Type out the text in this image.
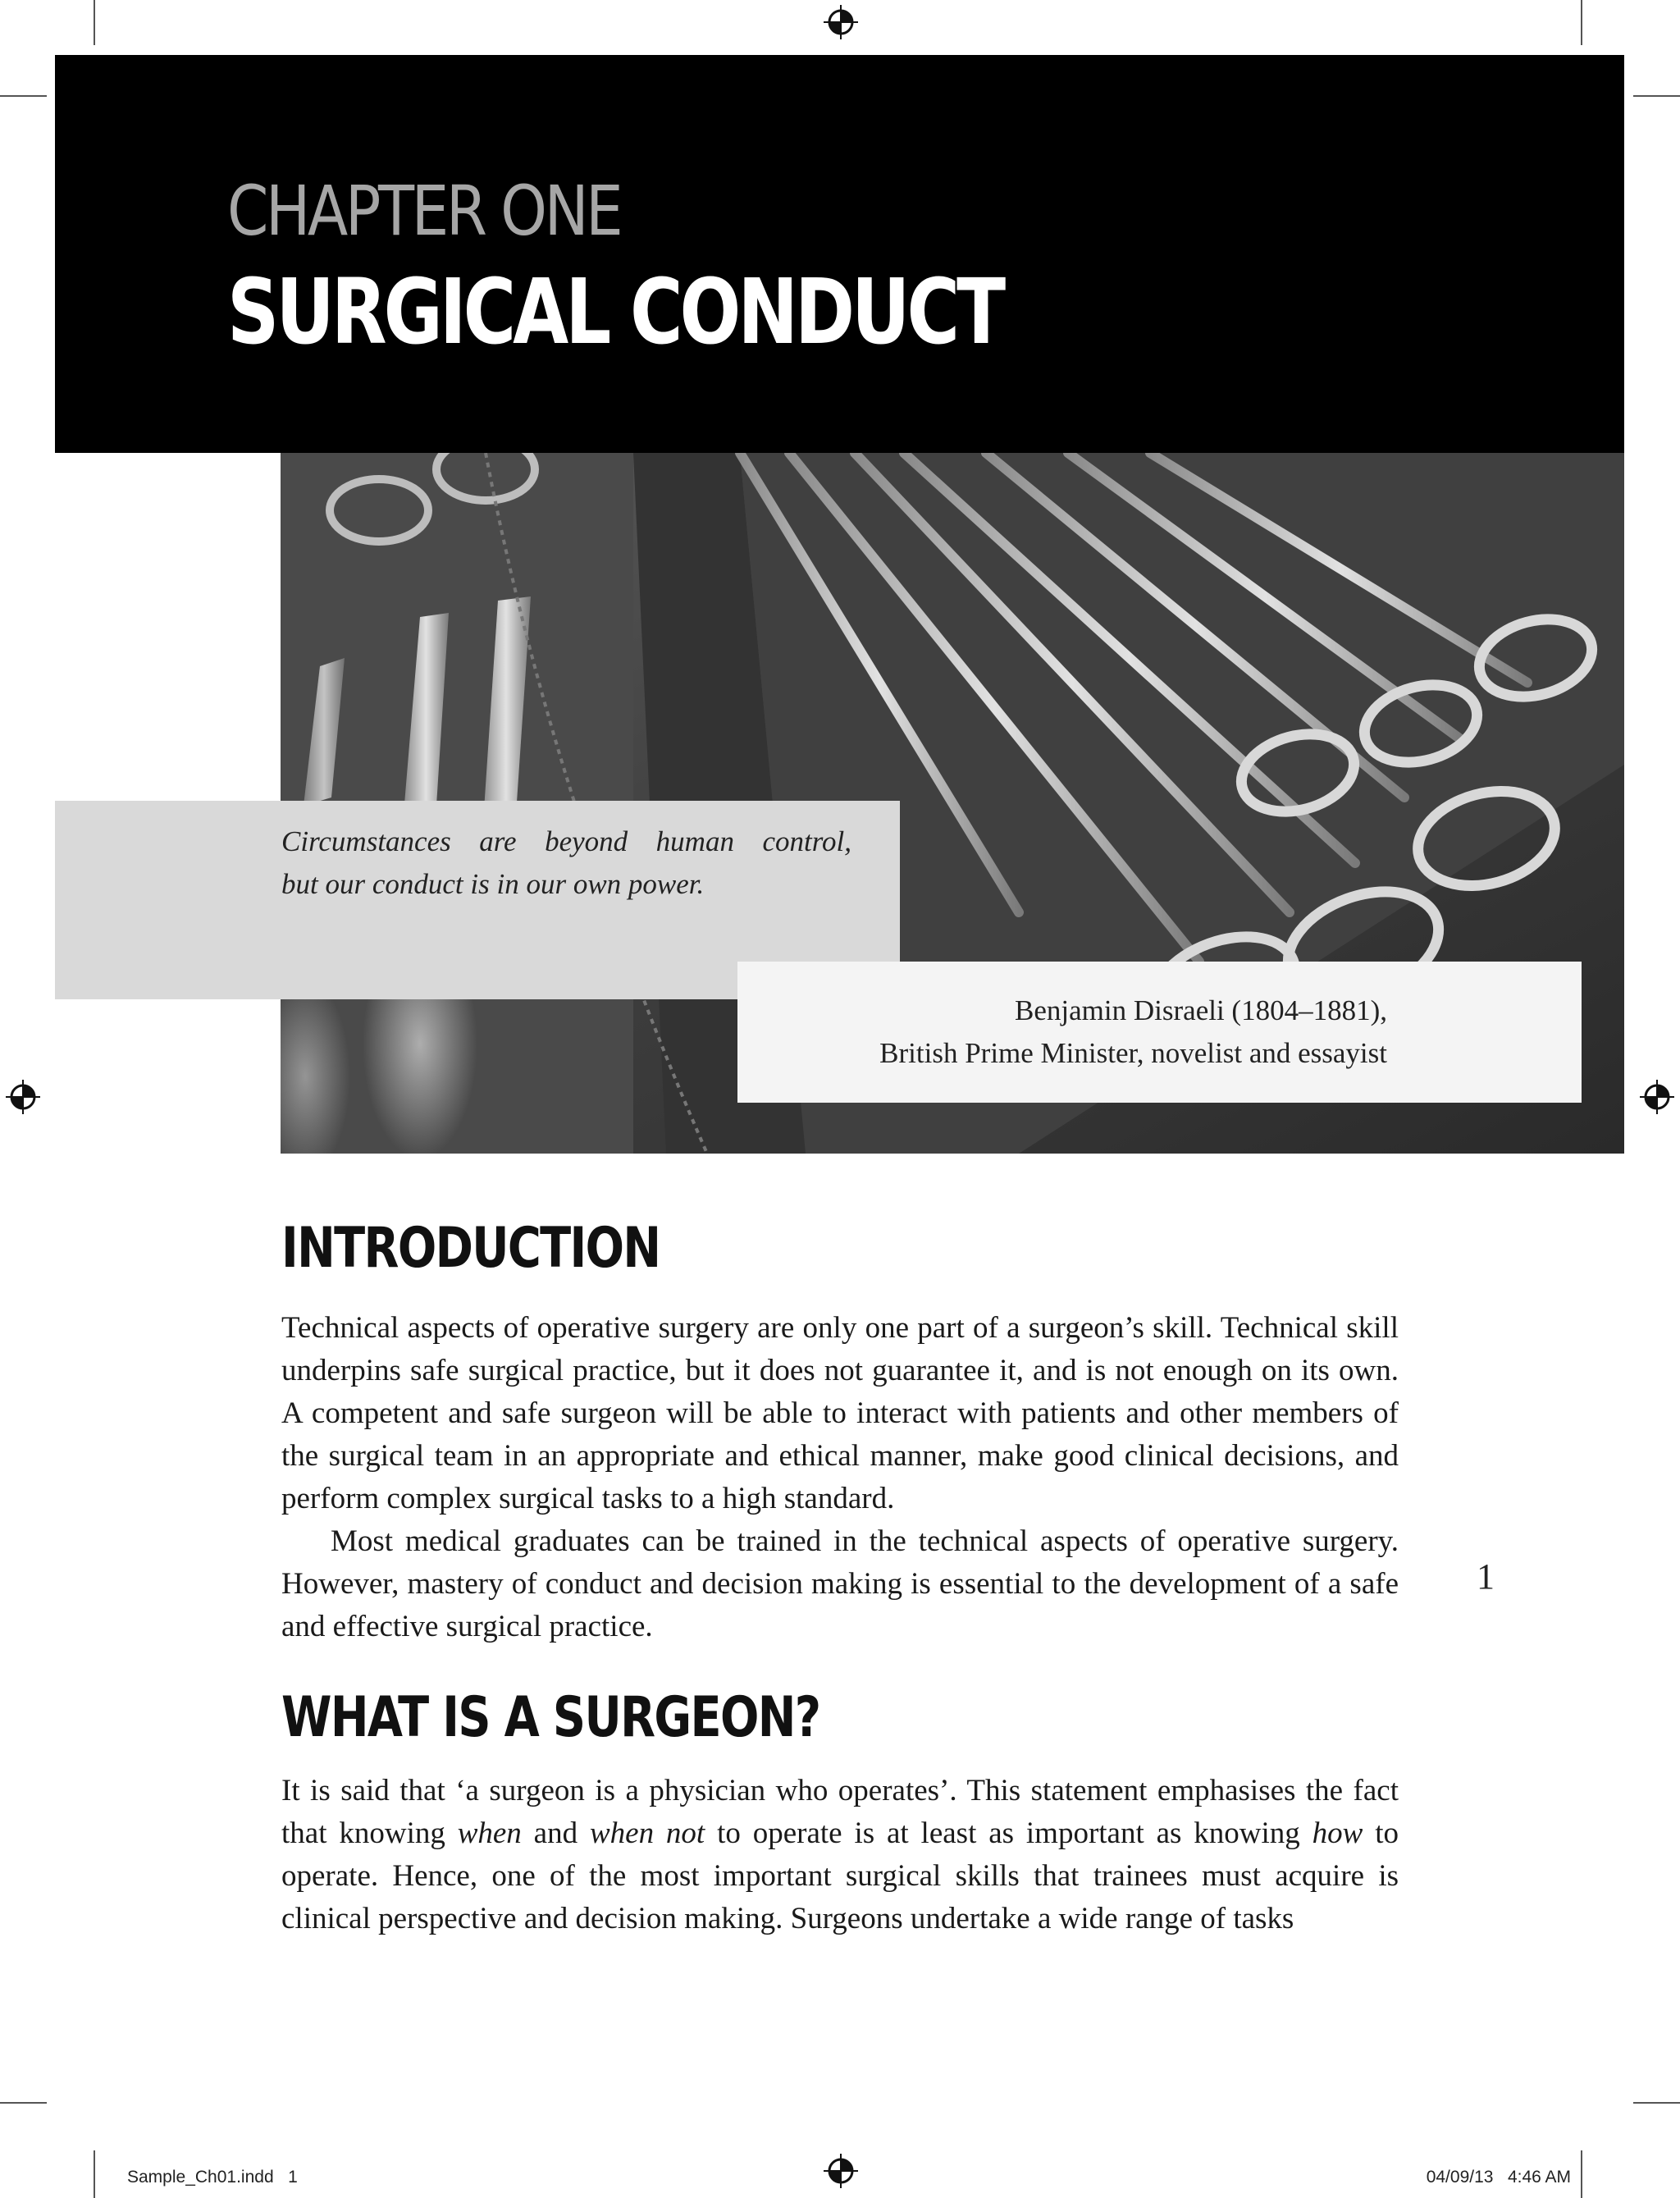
CHAPTER ONE
SURGICAL CONDUCT
Circumstances are beyond human control,
but our conduct is in our own power.
Benjamin Disraeli (1804–1881),
British Prime Minister, novelist and essayist
INTRODUCTION

Technical aspects of operative surgery are only one part of a surgeon’s skill. Technical skill underpins safe surgical practice, but it does not guarantee it, and is not enough on its own. A competent and safe surgeon will be able to interact with patients and other members of the surgical team in an appropriate and ethical manner, make good clinical decisions, and perform complex surgical tasks to a high standard.

Most medical graduates can be trained in the technical aspects of operative surgery. However, mastery of conduct and decision making is essential to the development of a safe and effective surgical practice.

WHAT IS A SURGEON?

It is said that ‘a surgeon is a physician who operates’. This statement emphasises the fact that knowing when and when not to operate is at least as important as knowing how to operate. Hence, one of the most important surgical skills that trainees must acquire is clinical perspective and decision making. Surgeons undertake a wide range of tasks

1
Sample_Ch01.indd   1	04/09/13   4:46 AM
